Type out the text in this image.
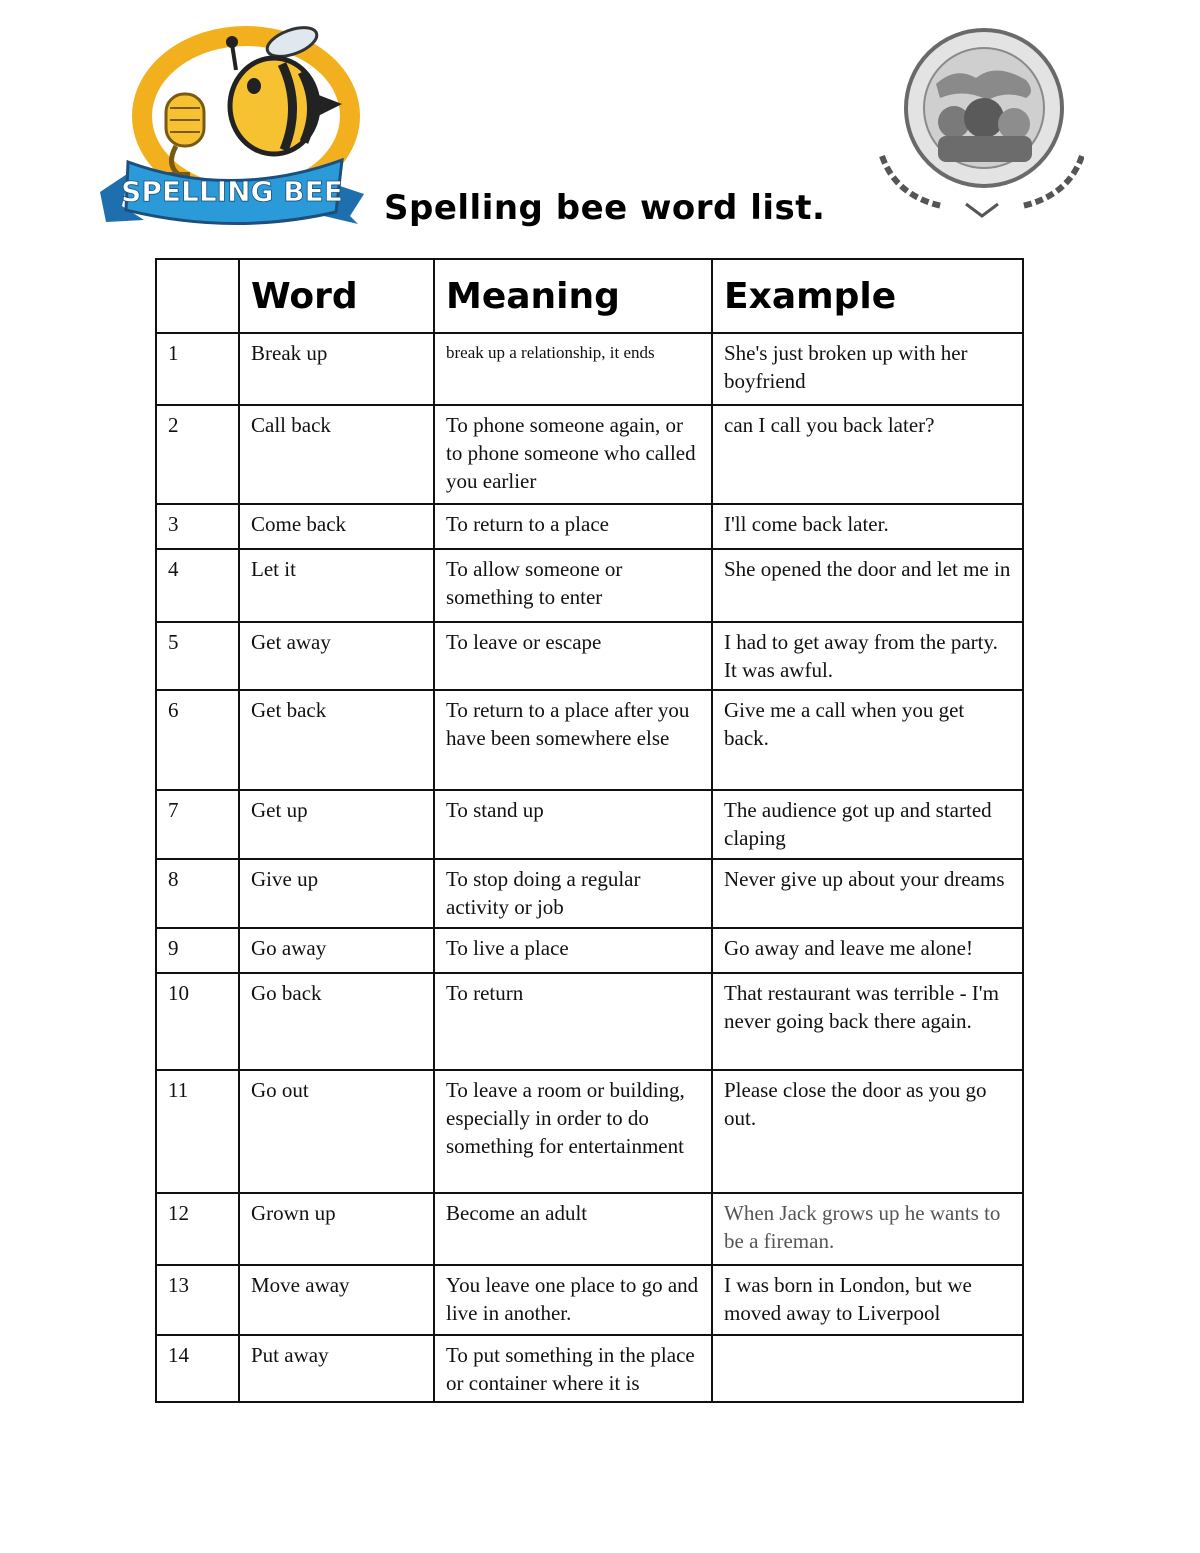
SPELLING BEE Spelling bee word list.
	Word	Meaning	Example
1	Break up	break up a relationship, it ends	She's just broken up with her boyfriend
2	Call back	To phone someone again, or to phone someone who called you earlier	can I call you back later?
3	Come back	To return to a place	I'll come back later.
4	Let it	To allow someone or something to enter	She opened the door and let me in
5	Get away	To leave or escape	I had to get away from the party. It was awful.
6	Get back	To return to a place after you have been somewhere else	Give me a call when you get back.
7	Get up	To stand up	The audience got up and started claping
8	Give up	To stop doing a regular activity or job	Never give up about your dreams
9	Go away	To live a place	Go away and leave me alone!
10	Go back	To return	That restaurant was terrible - I'm never going back there again.
11	Go out	To leave a room or building, especially in order to do something for entertainment	Please close the door as you go out.
12	Grown up	Become an adult	When Jack grows up he wants to be a fireman.
13	Move away	You leave one place to go and live in another.	I was born in London, but we moved away to Liverpool
14	Put away	To put something in the place or container where it is	
